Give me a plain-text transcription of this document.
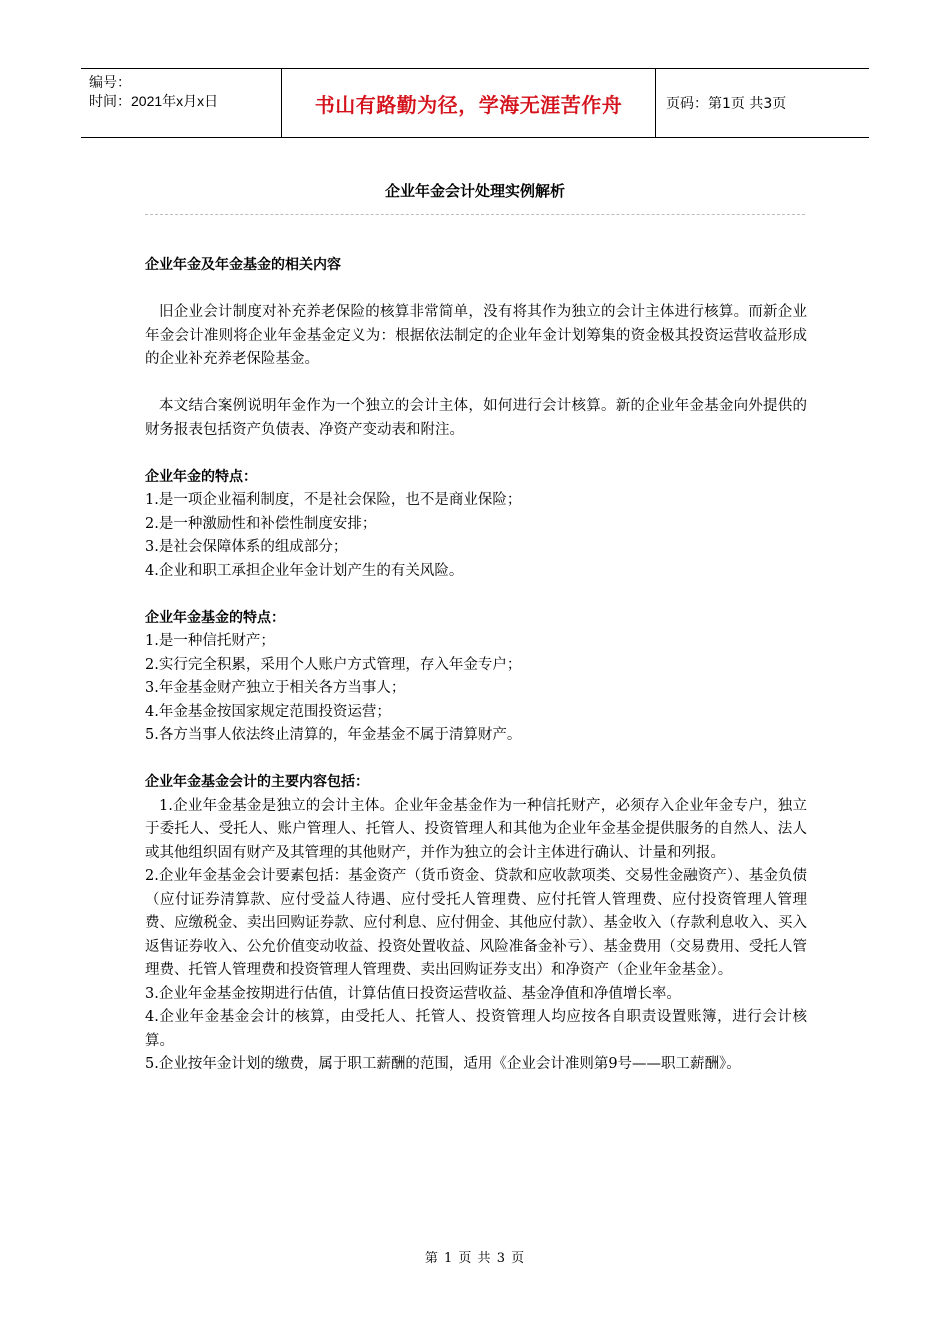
编号：
时间：2021年x月x日	书山有路勤为径，学海无涯苦作舟	页码：第1页 共3页
企业年金会计处理实例解析

企业年金及年金基金的相关内容

旧企业会计制度对补充养老保险的核算非常简单，没有将其作为独立的会计主体进行核算。而新企业年金会计准则将企业年金基金定义为：根据依法制定的企业年金计划筹集的资金极其投资运营收益形成的企业补充养老保险基金。

本文结合案例说明年金作为一个独立的会计主体，如何进行会计核算。新的企业年金基金向外提供的财务报表包括资产负债表、净资产变动表和附注。

企业年金的特点：

1.是一项企业福利制度，不是社会保险，也不是商业保险；

2.是一种激励性和补偿性制度安排；

3.是社会保障体系的组成部分；

4.企业和职工承担企业年金计划产生的有关风险。

企业年金基金的特点：

1.是一种信托财产；

2.实行完全积累，采用个人账户方式管理，存入年金专户；

3.年金基金财产独立于相关各方当事人；

4.年金基金按国家规定范围投资运营；

5.各方当事人依法终止清算的，年金基金不属于清算财产。

企业年金基金会计的主要内容包括：

1.企业年金基金是独立的会计主体。企业年金基金作为一种信托财产，必须存入企业年金专户，独立于委托人、受托人、账户管理人、托管人、投资管理人和其他为企业年金基金提供服务的自然人、法人或其他组织固有财产及其管理的其他财产，并作为独立的会计主体进行确认、计量和列报。

2.企业年金基金会计要素包括：基金资产（货币资金、贷款和应收款项类、交易性金融资产）、基金负债（应付证券清算款、应付受益人待遇、应付受托人管理费、应付托管人管理费、应付投资管理人管理费、应缴税金、卖出回购证券款、应付利息、应付佣金、其他应付款）、基金收入（存款利息收入、买入返售证券收入、公允价值变动收益、投资处置收益、风险准备金补亏）、基金费用（交易费用、受托人管理费、托管人管理费和投资管理人管理费、卖出回购证券支出）和净资产（企业年金基金）。

3.企业年金基金按期进行估值，计算估值日投资运营收益、基金净值和净值增长率。

4.企业年金基金会计的核算，由受托人、托管人、投资管理人均应按各自职责设置账簿，进行会计核算。

5.企业按年金计划的缴费，属于职工薪酬的范围，适用《企业会计准则第9号——职工薪酬》。

第 1 页 共 3 页
